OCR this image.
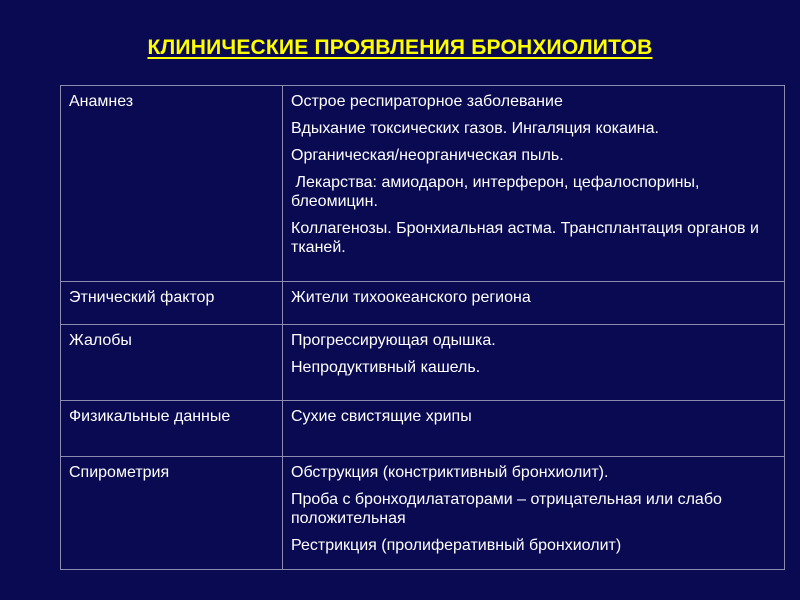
КЛИНИЧЕСКИЕ ПРОЯВЛЕНИЯ БРОНХИОЛИТОВ
Анамнез	Острое респираторное заболевание
Вдыхание токсических газов. Ингаляция кокаина.
Органическая/неорганическая пыль.
Лекарства: амиодарон, интерферон, цефалоспорины, блеомицин.
Коллагенозы. Бронхиальная астма. Трансплантация органов и тканей.

Этнический фактор	Жители тихоокеанского региона

Жалобы	Прогрессирующая одышка.
Непродуктивный кашель.

Физикальные данные	Сухие свистящие хрипы

Спирометрия	Обструкция (констриктивный бронхиолит).
Проба с бронходилататорами – отрицательная или слабо положительная
Рестрикция (пролиферативный бронхиолит)
